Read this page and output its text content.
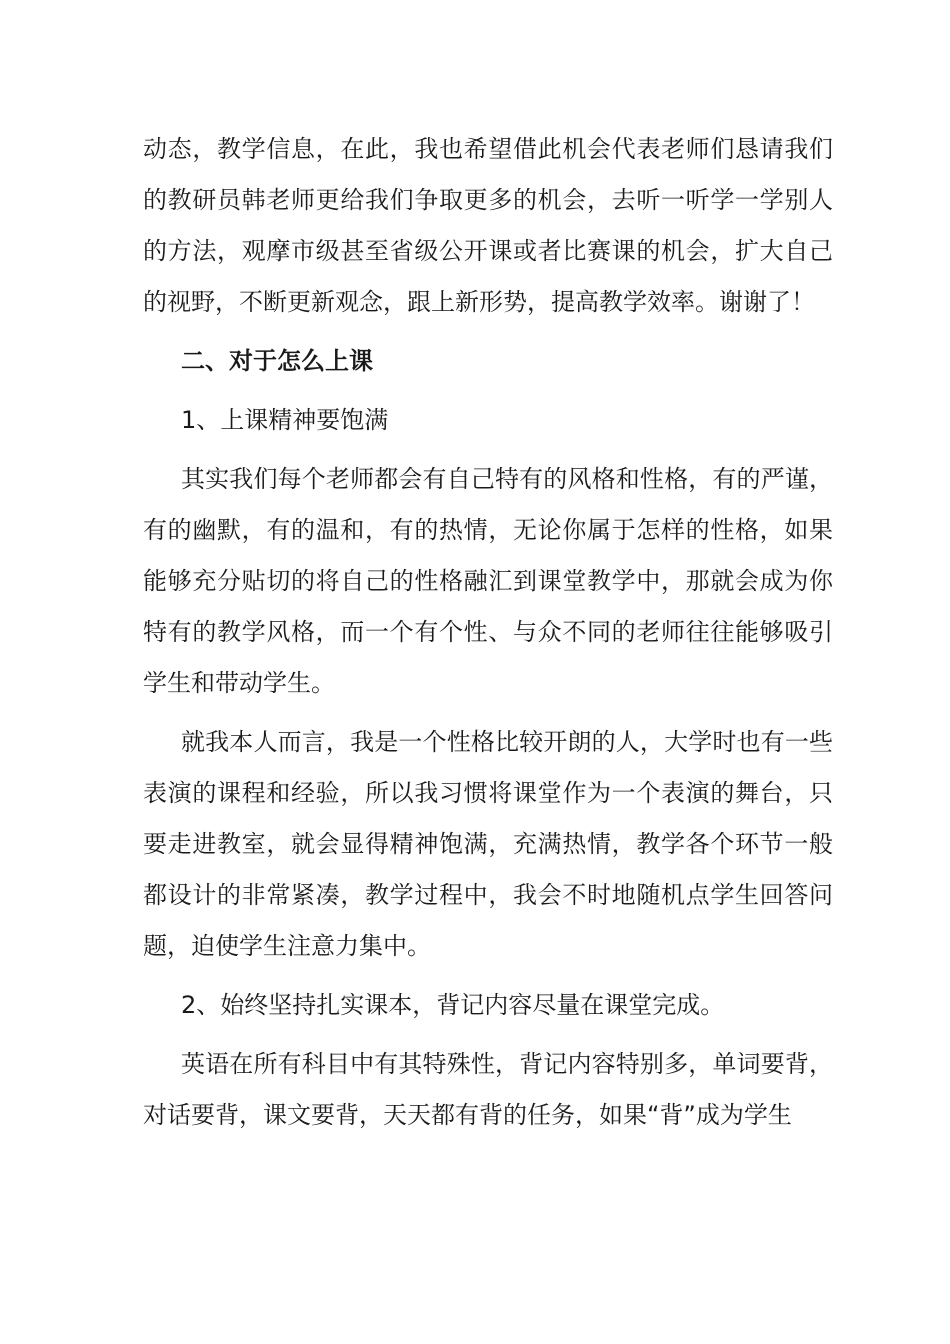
动态，教学信息，在此，我也希望借此机会代表老师们恳请我们的教研员韩老师更给我们争取更多的机会，去听一听学一学别人的方法，观摩市级甚至省级公开课或者比赛课的机会，扩大自己的视野，不断更新观念，跟上新形势，提高教学效率。谢谢了！

二、对于怎么上课

1、上课精神要饱满

其实我们每个老师都会有自己特有的风格和性格，有的严谨，有的幽默，有的温和，有的热情，无论你属于怎样的性格，如果能够充分贴切的将自己的性格融汇到课堂教学中，那就会成为你特有的教学风格，而一个有个性、与众不同的老师往往能够吸引学生和带动学生。

就我本人而言，我是一个性格比较开朗的人，大学时也有一些表演的课程和经验，所以我习惯将课堂作为一个表演的舞台，只要走进教室，就会显得精神饱满，充满热情，教学各个环节一般都设计的非常紧凑，教学过程中，我会不时地随机点学生回答问题，迫使学生注意力集中。

2、始终坚持扎实课本，背记内容尽量在课堂完成。

英语在所有科目中有其特殊性，背记内容特别多，单词要背，对话要背，课文要背，天天都有背的任务，如果“背”成为学生
